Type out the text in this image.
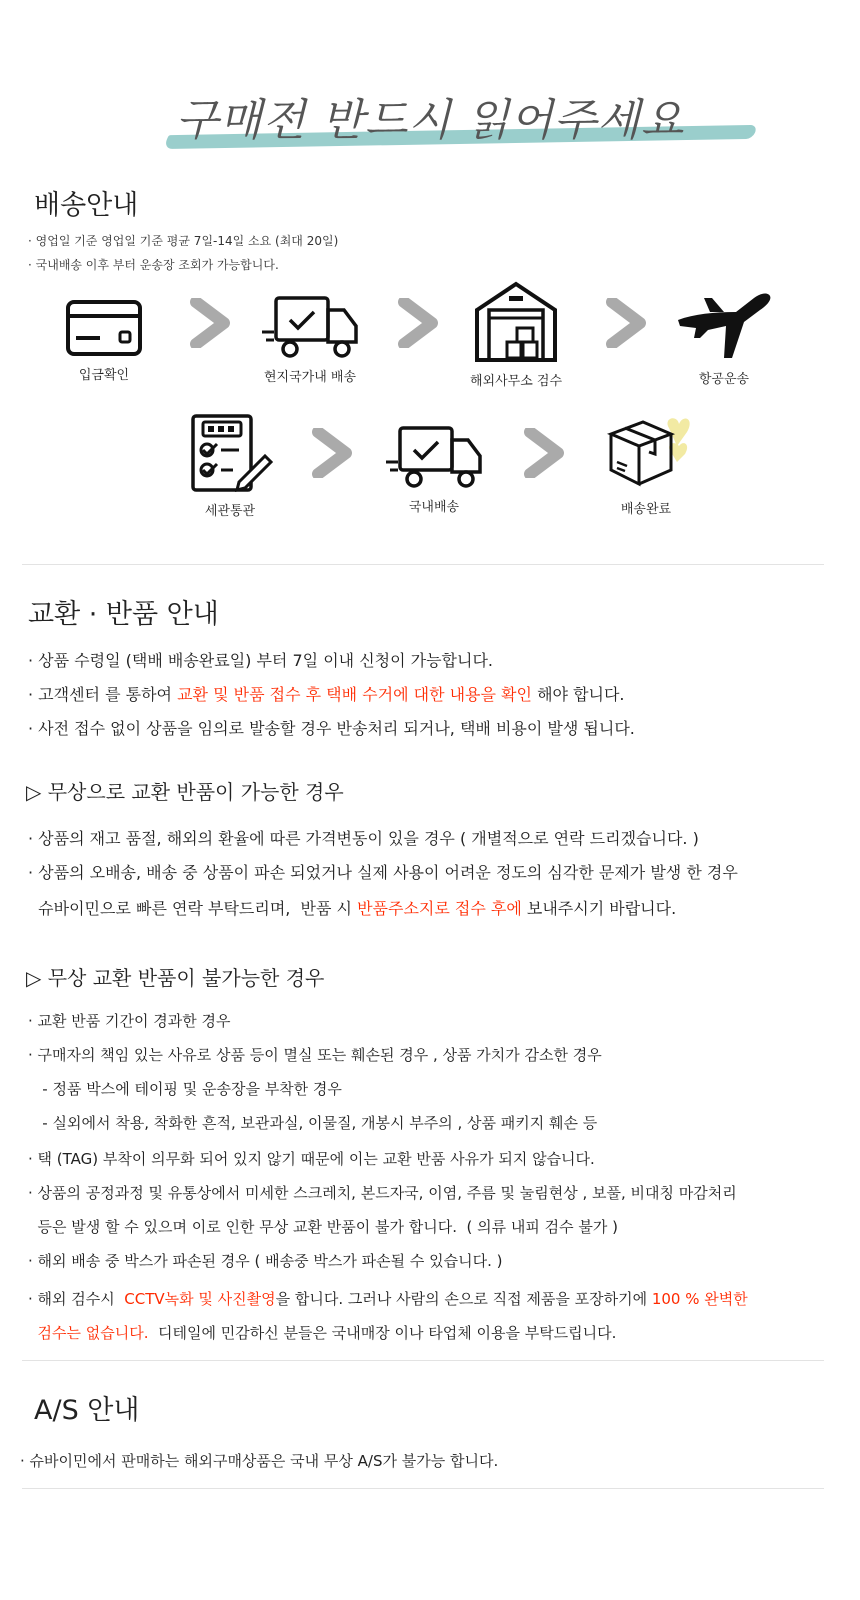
구매전 반드시 읽어주세요
배송안내
· 영업일 기준 영업일 기준 평균 7일-14일 소요 (최대 20일)
· 국내배송 이후 부터 운송장 조회가 가능합니다.
입금확인	현지국가내 배송	해외사무소 검수	항공운송
세관통관	국내배송	배송완료
교환 · 반품 안내
· 상품 수령일 (택배 배송완료일) 부터 7일 이내 신청이 가능합니다.
· 고객센터 를 통하여 교환 및 반품 접수 후 택배 수거에 대한 내용을 확인 해야 합니다.
· 사전 접수 없이 상품을 임의로 발송할 경우 반송처리 되거나, 택배 비용이 발생 됩니다.
▷ 무상으로 교환 반품이 가능한 경우
· 상품의 재고 품절, 해외의 환율에 따른 가격변동이 있을 경우 ( 개별적으로 연락 드리겠습니다. )
· 상품의 오배송, 배송 중 상품이 파손 되었거나 실제 사용이 어려운 정도의 심각한 문제가 발생 한 경우
슈바이민으로 빠른 연락 부탁드리며,  반품 시 반품주소지로 접수 후에 보내주시기 바랍니다.
▷ 무상 교환 반품이 불가능한 경우
· 교환 반품 기간이 경과한 경우
· 구매자의 책임 있는 사유로 상품 등이 멸실 또는 훼손된 경우 , 상품 가치가 감소한 경우
- 정품 박스에 테이핑 및 운송장을 부착한 경우
- 실외에서 착용, 착화한 흔적, 보관과실, 이물질, 개봉시 부주의 , 상품 패키지 훼손 등
· 택 (TAG) 부착이 의무화 되어 있지 않기 때문에 이는 교환 반품 사유가 되지 않습니다.
· 상품의 공정과정 및 유통상에서 미세한 스크레치, 본드자국, 이염, 주름 및 눌림현상 , 보풀, 비대칭 마감처리
등은 발생 할 수 있으며 이로 인한 무상 교환 반품이 불가 합니다.  ( 의류 내피 검수 불가 )
· 해외 배송 중 박스가 파손된 경우 ( 배송중 박스가 파손될 수 있습니다. )
· 해외 검수시  CCTV녹화 및 사진촬영을 합니다. 그러나 사람의 손으로 직접 제품을 포장하기에 100 % 완벽한
검수는 없습니다.  디테일에 민감하신 분들은 국내매장 이나 타업체 이용을 부탁드립니다.
A/S 안내
· 슈바이민에서 판매하는 해외구매상품은 국내 무상 A/S가 불가능 합니다.
